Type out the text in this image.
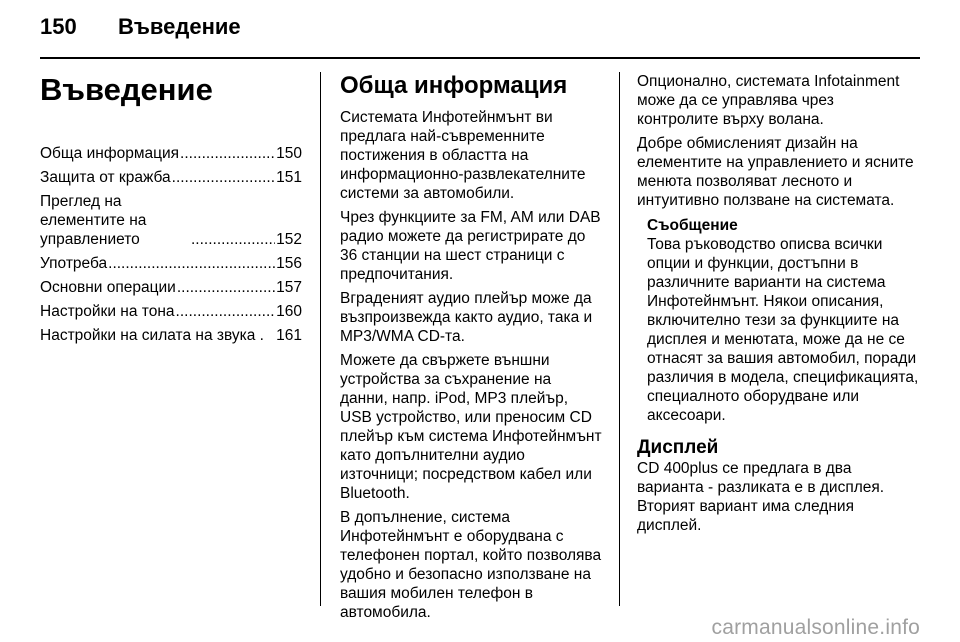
150 Въведение
Въведение
Обща информация .....	150
Защита от кражба .....	151
Преглед на елементите на управлението .....	152
Употреба .....	156
Основни операции .....	157
Настройки на тона .....	160
Настройки на силата на звука . 161
Обща информация

Системата Инфотейнмънт ви предлага най-съвременните постижения в областта на информационно-развлекателните системи за автомобили.

Чрез функциите за FM, AM или DAB радио можете да регистрирате до 36 станции на шест страници с предпочитания.

Вграденият аудио плейър може да възпроизвежда както аудио, така и MP3/WMA CD-та.

Можете да свържете външни устройства за съхранение на данни, напр. iPod, MP3 плейър, USB устройство, или преносим CD плейър към система Инфотейнмънт като допълнителни аудио източници; посредством кабел или Bluetooth.

В допълнение, система Инфотейнмънт е оборудвана с телефонен портал, който позволява удобно и безопасно използване на вашия мобилен телефон в автомобила.

Опционално, системата Infotainment може да се управлява чрез контролите върху волана.

Добре обмисленият дизайн на елементите на управлението и ясните менюта позволяват лесното и интуитивно ползване на системата.

Съобщение
Това ръководство описва всички опции и функции, достъпни в различните варианти на система Инфотейнмънт. Някои описания, включително тези за функциите на дисплея и менютата, може да не се отнасят за вашия автомобил, поради различия в модела, спецификацията, специалното оборудване или аксесоари.
Дисплей

CD 400plus се предлага в два варианта - разликата е в дисплея. Вторият вариант има следния дисплей.

carmanualsonline.info
